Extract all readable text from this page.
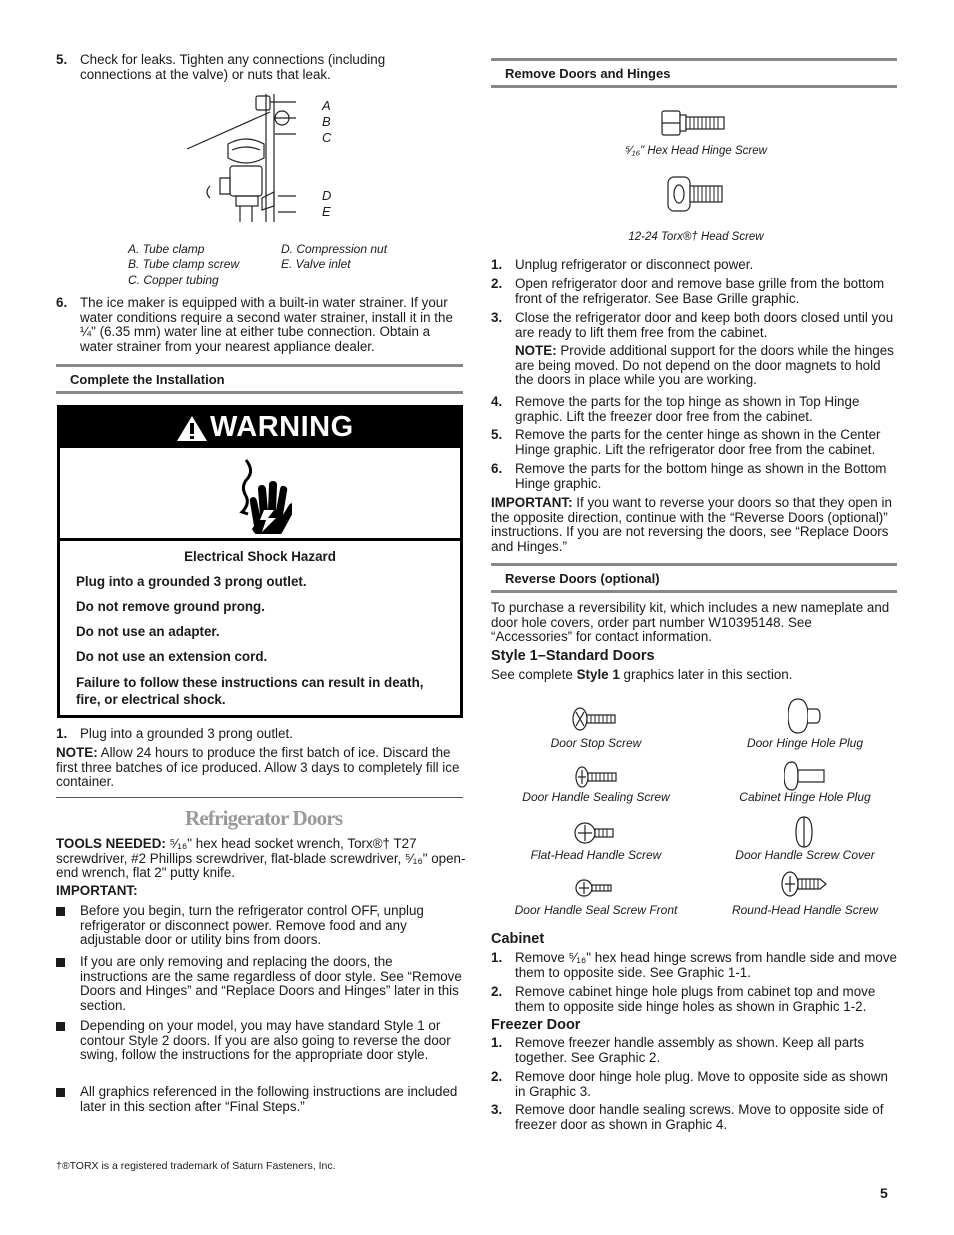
5. Check for leaks. Tighten any connections (including connections at the valve) or nuts that leak.
A
B
C
D
E
A. Tube clamp
B. Tube clamp screw
C. Copper tubing
D. Compression nut
E. Valve inlet
6. The ice maker is equipped with a built-in water strainer. If your water conditions require a second water strainer, install it in the ¼" (6.35 mm) water line at either tube connection. Obtain a water strainer from your nearest appliance dealer.
Complete the Installation
WARNING
Electrical Shock Hazard
Plug into a grounded 3 prong outlet.
Do not remove ground prong.
Do not use an adapter.
Do not use an extension cord.
Failure to follow these instructions can result in death, fire, or electrical shock.
1. Plug into a grounded 3 prong outlet.

NOTE: Allow 24 hours to produce the first batch of ice. Discard the first three batches of ice produced. Allow 3 days to completely fill ice container.

Refrigerator Doors

TOOLS NEEDED: ⁵⁄₁₆" hex head socket wrench, Torx®† T27 screwdriver, #2 Phillips screwdriver, flat-blade screwdriver, ⁵⁄₁₆" open-end wrench, flat 2" putty knife.

IMPORTANT:
Before you begin, turn the refrigerator control OFF, unplug refrigerator or disconnect power. Remove food and any adjustable door or utility bins from doors.
If you are only removing and replacing the doors, the instructions are the same regardless of door style. See “Remove Doors and Hinges” and “Replace Doors and Hinges” later in this section.
Depending on your model, you may have standard Style 1 or contour Style 2 doors. If you are also going to reverse the door swing, follow the instructions for the appropriate door style.
All graphics referenced in the following instructions are included later in this section after “Final Steps.”
†®TORX is a registered trademark of Saturn Fasteners, Inc.
Remove Doors and Hinges
⁵⁄₁₆" Hex Head Hinge Screw
12-24 Torx®† Head Screw
1. Unplug refrigerator or disconnect power.
2. Open refrigerator door and remove base grille from the bottom front of the refrigerator. See Base Grille graphic.
3. Close the refrigerator door and keep both doors closed until you are ready to lift them free from the cabinet.

NOTE: Provide additional support for the doors while the hinges are being moved. Do not depend on the door magnets to hold the doors in place while you are working.

4. Remove the parts for the top hinge as shown in Top Hinge graphic. Lift the freezer door free from the cabinet.
5. Remove the parts for the center hinge as shown in the Center Hinge graphic. Lift the refrigerator door free from the cabinet.
6. Remove the parts for the bottom hinge as shown in the Bottom Hinge graphic.

IMPORTANT: If you want to reverse your doors so that they open in the opposite direction, continue with the “Reverse Doors (optional)” instructions. If you are not reversing the doors, see “Replace Doors and Hinges.”

Reverse Doors (optional)

To purchase a reversibility kit, which includes a new nameplate and door hole covers, order part number W10395148. See “Accessories” for contact information.

Style 1–Standard Doors

See complete Style 1 graphics later in this section.

Door Stop Screw	Door Hinge Hole Plug
Door Handle Sealing Screw	Cabinet Hinge Hole Plug
Flat-Head Handle Screw	Door Handle Screw Cover
Door Handle Seal Screw Front	Round-Head Handle Screw
Cabinet
1. Remove ⁵⁄₁₆" hex head hinge screws from handle side and move them to opposite side. See Graphic 1-1.
2. Remove cabinet hinge hole plugs from cabinet top and move them to opposite side hinge holes as shown in Graphic 1-2.
Freezer Door
1. Remove freezer handle assembly as shown. Keep all parts together. See Graphic 2.
2. Remove door hinge hole plug. Move to opposite side as shown in Graphic 3.
3. Remove door handle sealing screws. Move to opposite side of freezer door as shown in Graphic 4.
5
